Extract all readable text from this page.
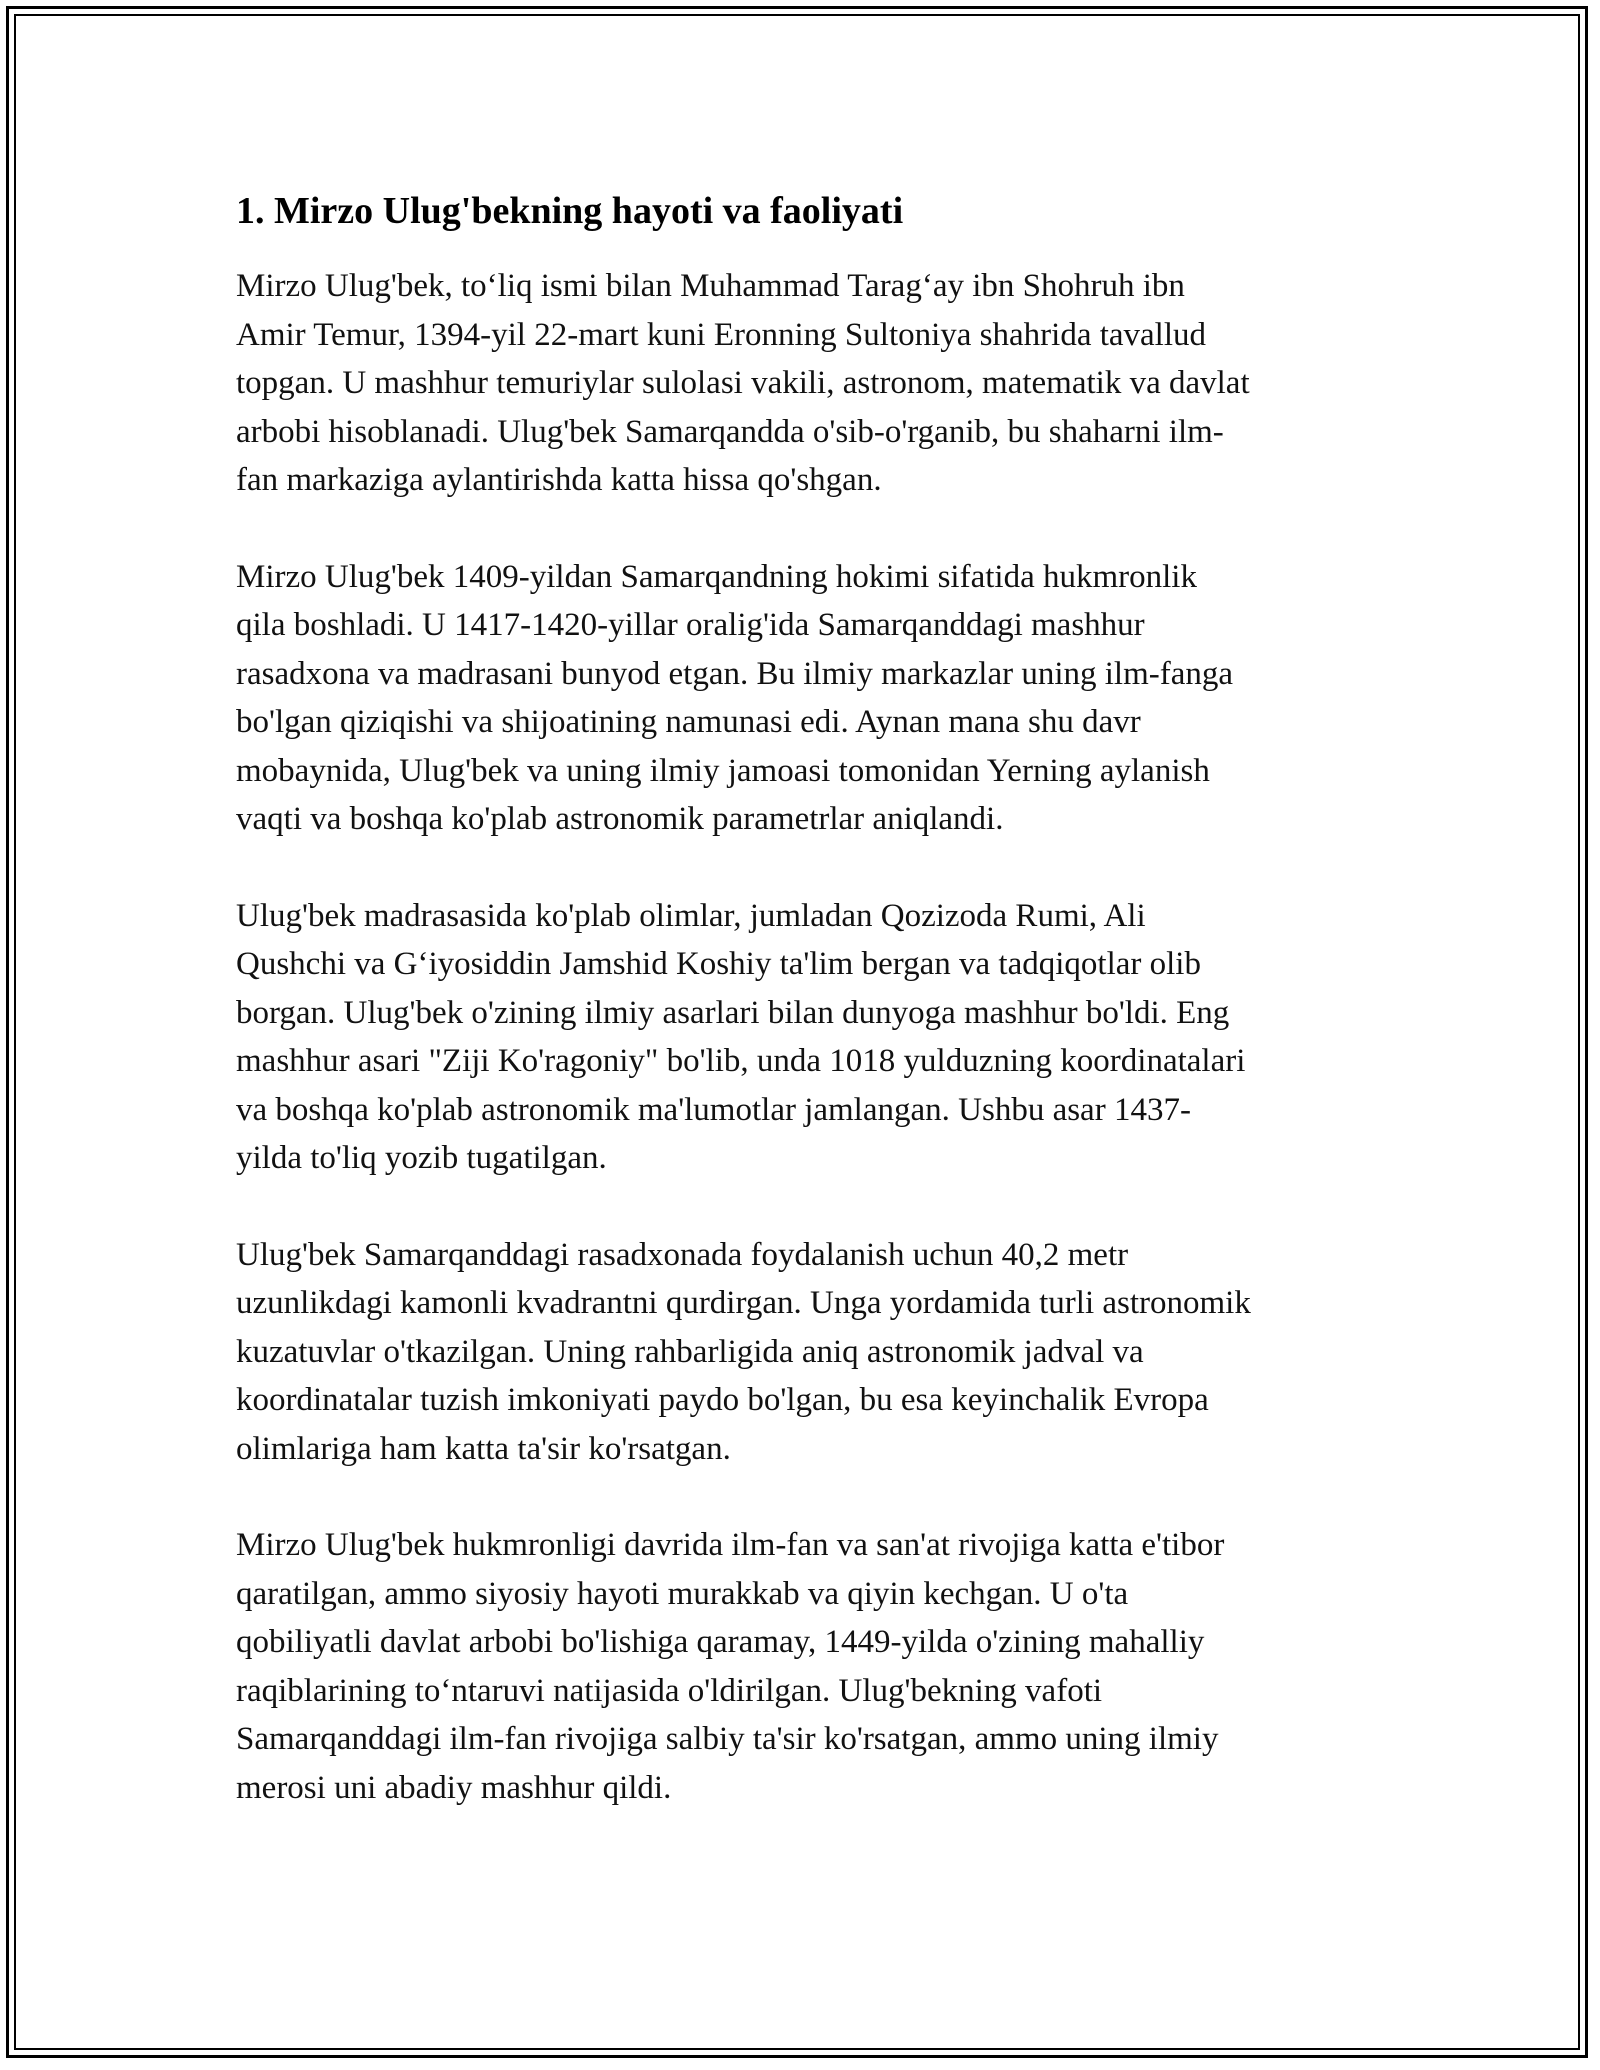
1. Mirzo Ulug'bekning hayoti va faoliyati

Mirzo Ulug'bek, to‘liq ismi bilan Muhammad Tarag‘ay ibn Shohruh ibn
Amir Temur, 1394-yil 22-mart kuni Eronning Sultoniya shahrida tavallud
topgan. U mashhur temuriylar sulolasi vakili, astronom, matematik va davlat
arbobi hisoblanadi. Ulug'bek Samarqandda o'sib-o'rganib, bu shaharni ilm-
fan markaziga aylantirishda katta hissa qo'shgan.

Mirzo Ulug'bek 1409-yildan Samarqandning hokimi sifatida hukmronlik
qila boshladi. U 1417-1420-yillar oralig'ida Samarqanddagi mashhur
rasadxona va madrasani bunyod etgan. Bu ilmiy markazlar uning ilm-fanga
bo'lgan qiziqishi va shijoatining namunasi edi. Aynan mana shu davr
mobaynida, Ulug'bek va uning ilmiy jamoasi tomonidan Yerning aylanish
vaqti va boshqa ko'plab astronomik parametrlar aniqlandi.

Ulug'bek madrasasida ko'plab olimlar, jumladan Qozizoda Rumi, Ali
Qushchi va G‘iyosiddin Jamshid Koshiy ta'lim bergan va tadqiqotlar olib
borgan. Ulug'bek o'zining ilmiy asarlari bilan dunyoga mashhur bo'ldi. Eng
mashhur asari "Ziji Ko'ragoniy" bo'lib, unda 1018 yulduzning koordinatalari
va boshqa ko'plab astronomik ma'lumotlar jamlangan. Ushbu asar 1437-
yilda to'liq yozib tugatilgan.

Ulug'bek Samarqanddagi rasadxonada foydalanish uchun 40,2 metr
uzunlikdagi kamonli kvadrantni qurdirgan. Unga yordamida turli astronomik
kuzatuvlar o'tkazilgan. Uning rahbarligida aniq astronomik jadval va
koordinatalar tuzish imkoniyati paydo bo'lgan, bu esa keyinchalik Evropa
olimlariga ham katta ta'sir ko'rsatgan.

Mirzo Ulug'bek hukmronligi davrida ilm-fan va san'at rivojiga katta e'tibor
qaratilgan, ammo siyosiy hayoti murakkab va qiyin kechgan. U o'ta
qobiliyatli davlat arbobi bo'lishiga qaramay, 1449-yilda o'zining mahalliy
raqiblarining to‘ntaruvi natijasida o'ldirilgan. Ulug'bekning vafoti
Samarqanddagi ilm-fan rivojiga salbiy ta'sir ko'rsatgan, ammo uning ilmiy
merosi uni abadiy mashhur qildi.
